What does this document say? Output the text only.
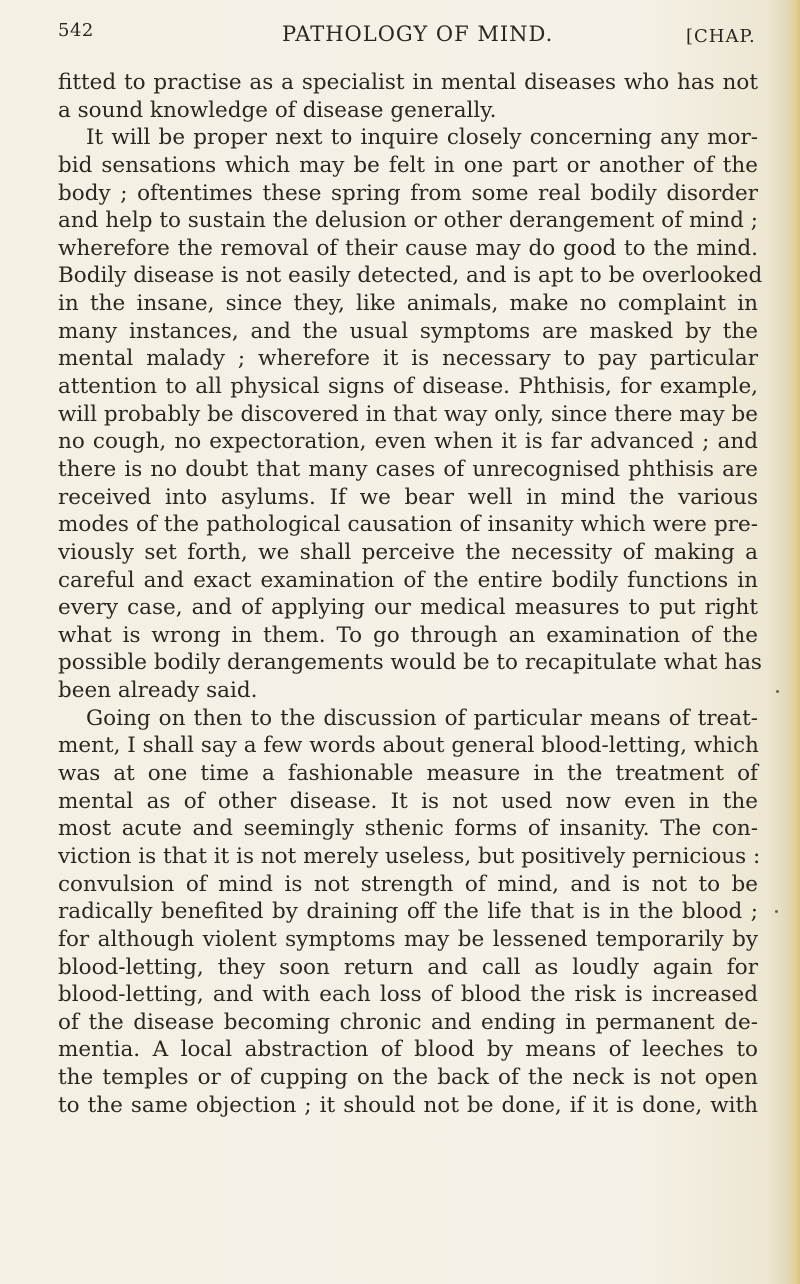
542	PATHOLOGY OF MIND.	[CHAP.
fitted to practise as a specialist in mental diseases who has not
a sound knowledge of disease generally.
It will be proper next to inquire closely concerning any mor-
bid sensations which may be felt in one part or another of the
body ; oftentimes these spring from some real bodily disorder
and help to sustain the delusion or other derangement of mind ;
wherefore the removal of their cause may do good to the mind.
Bodily disease is not easily detected, and is apt to be overlooked
in the insane, since they, like animals, make no complaint in
many instances, and the usual symptoms are masked by the
mental malady ; wherefore it is necessary to pay particular
attention to all physical signs of disease. Phthisis, for example,
will probably be discovered in that way only, since there may be
no cough, no expectoration, even when it is far advanced ; and
there is no doubt that many cases of unrecognised phthisis are
received into asylums. If we bear well in mind the various
modes of the pathological causation of insanity which were pre-
viously set forth, we shall perceive the necessity of making a
careful and exact examination of the entire bodily functions in
every case, and of applying our medical measures to put right
what is wrong in them. To go through an examination of the
possible bodily derangements would be to recapitulate what has
been already said.
Going on then to the discussion of particular means of treat-
ment, I shall say a few words about general blood-letting, which
was at one time a fashionable measure in the treatment of
mental as of other disease. It is not used now even in the
most acute and seemingly sthenic forms of insanity. The con-
viction is that it is not merely useless, but positively pernicious :
convulsion of mind is not strength of mind, and is not to be
radically benefited by draining off the life that is in the blood ;
for although violent symptoms may be lessened temporarily by
blood-letting, they soon return and call as loudly again for
blood-letting, and with each loss of blood the risk is increased
of the disease becoming chronic and ending in permanent de-
mentia. A local abstraction of blood by means of leeches to
the temples or of cupping on the back of the neck is not open
to the same objection ; it should not be done, if it is done, with
